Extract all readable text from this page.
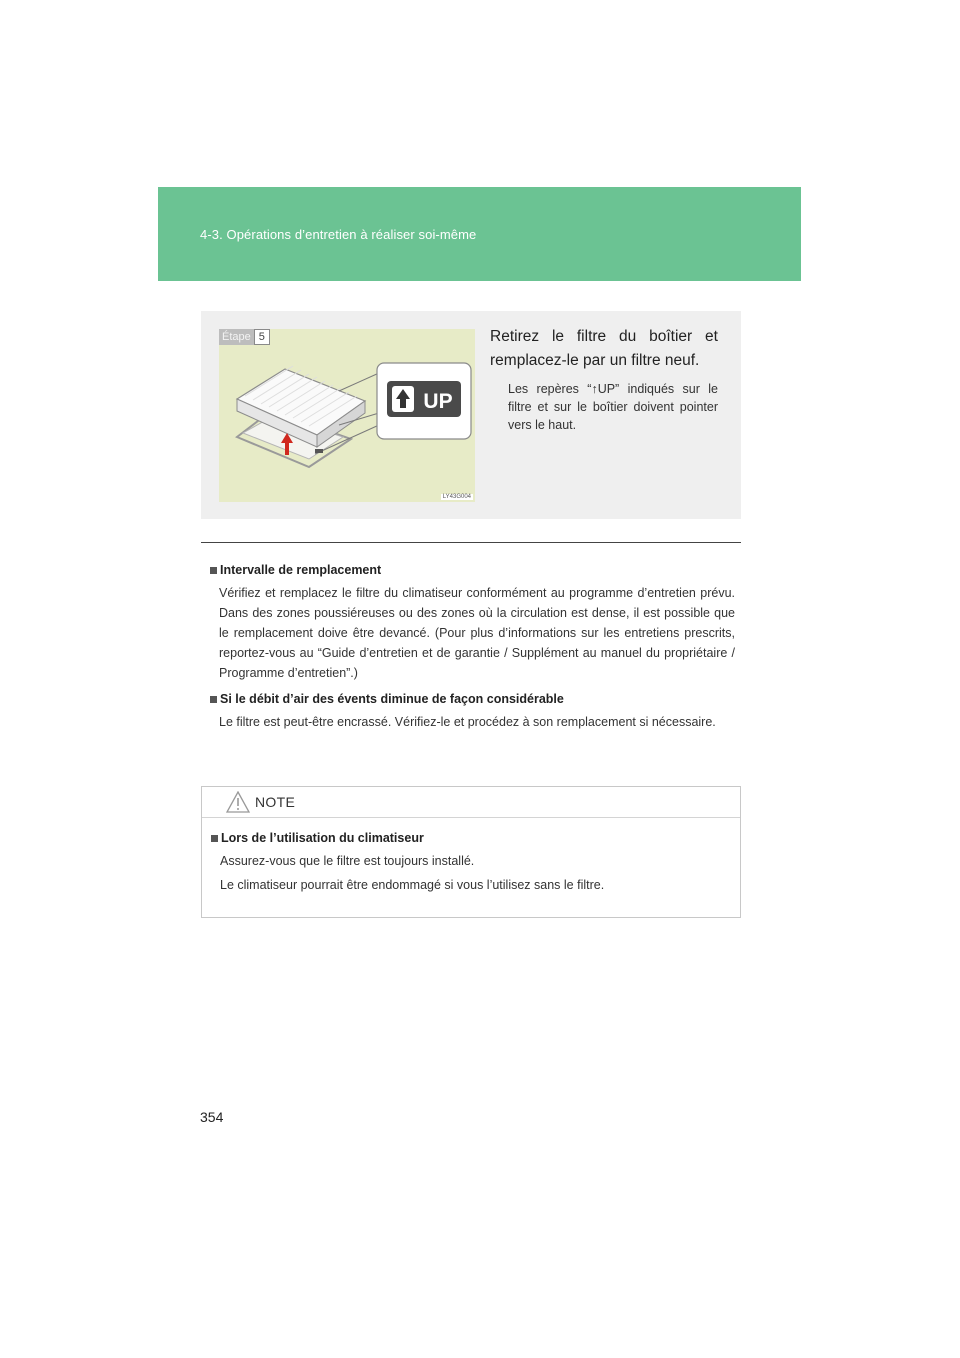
4-3. Opérations d’entretien à réaliser soi-même
UP
Étape 5
LY43G004
Retirez le filtre du boîtier et remplacez-le par un filtre neuf.
Les repères “↑UP” indiqués sur le filtre et sur le boîtier doivent pointer vers le haut.
Intervalle de remplacement
Vérifiez et remplacez le filtre du climatiseur conformément au programme d’entretien prévu. Dans des zones poussiéreuses ou des zones où la circulation est dense, il est possible que le remplacement doive être devancé. (Pour plus d’informations sur les entretiens prescrits, reportez-vous au “Guide d’entretien et de garantie / Supplément au manuel du propriétaire / Programme d’entretien”.)
Si le débit d’air des évents diminue de façon considérable
Le filtre est peut-être encrassé. Vérifiez-le et procédez à son remplacement si nécessaire.
NOTE
Lors de l’utilisation du climatiseur
Assurez-vous que le filtre est toujours installé.
Le climatiseur pourrait être endommagé si vous l’utilisez sans le filtre.
354
